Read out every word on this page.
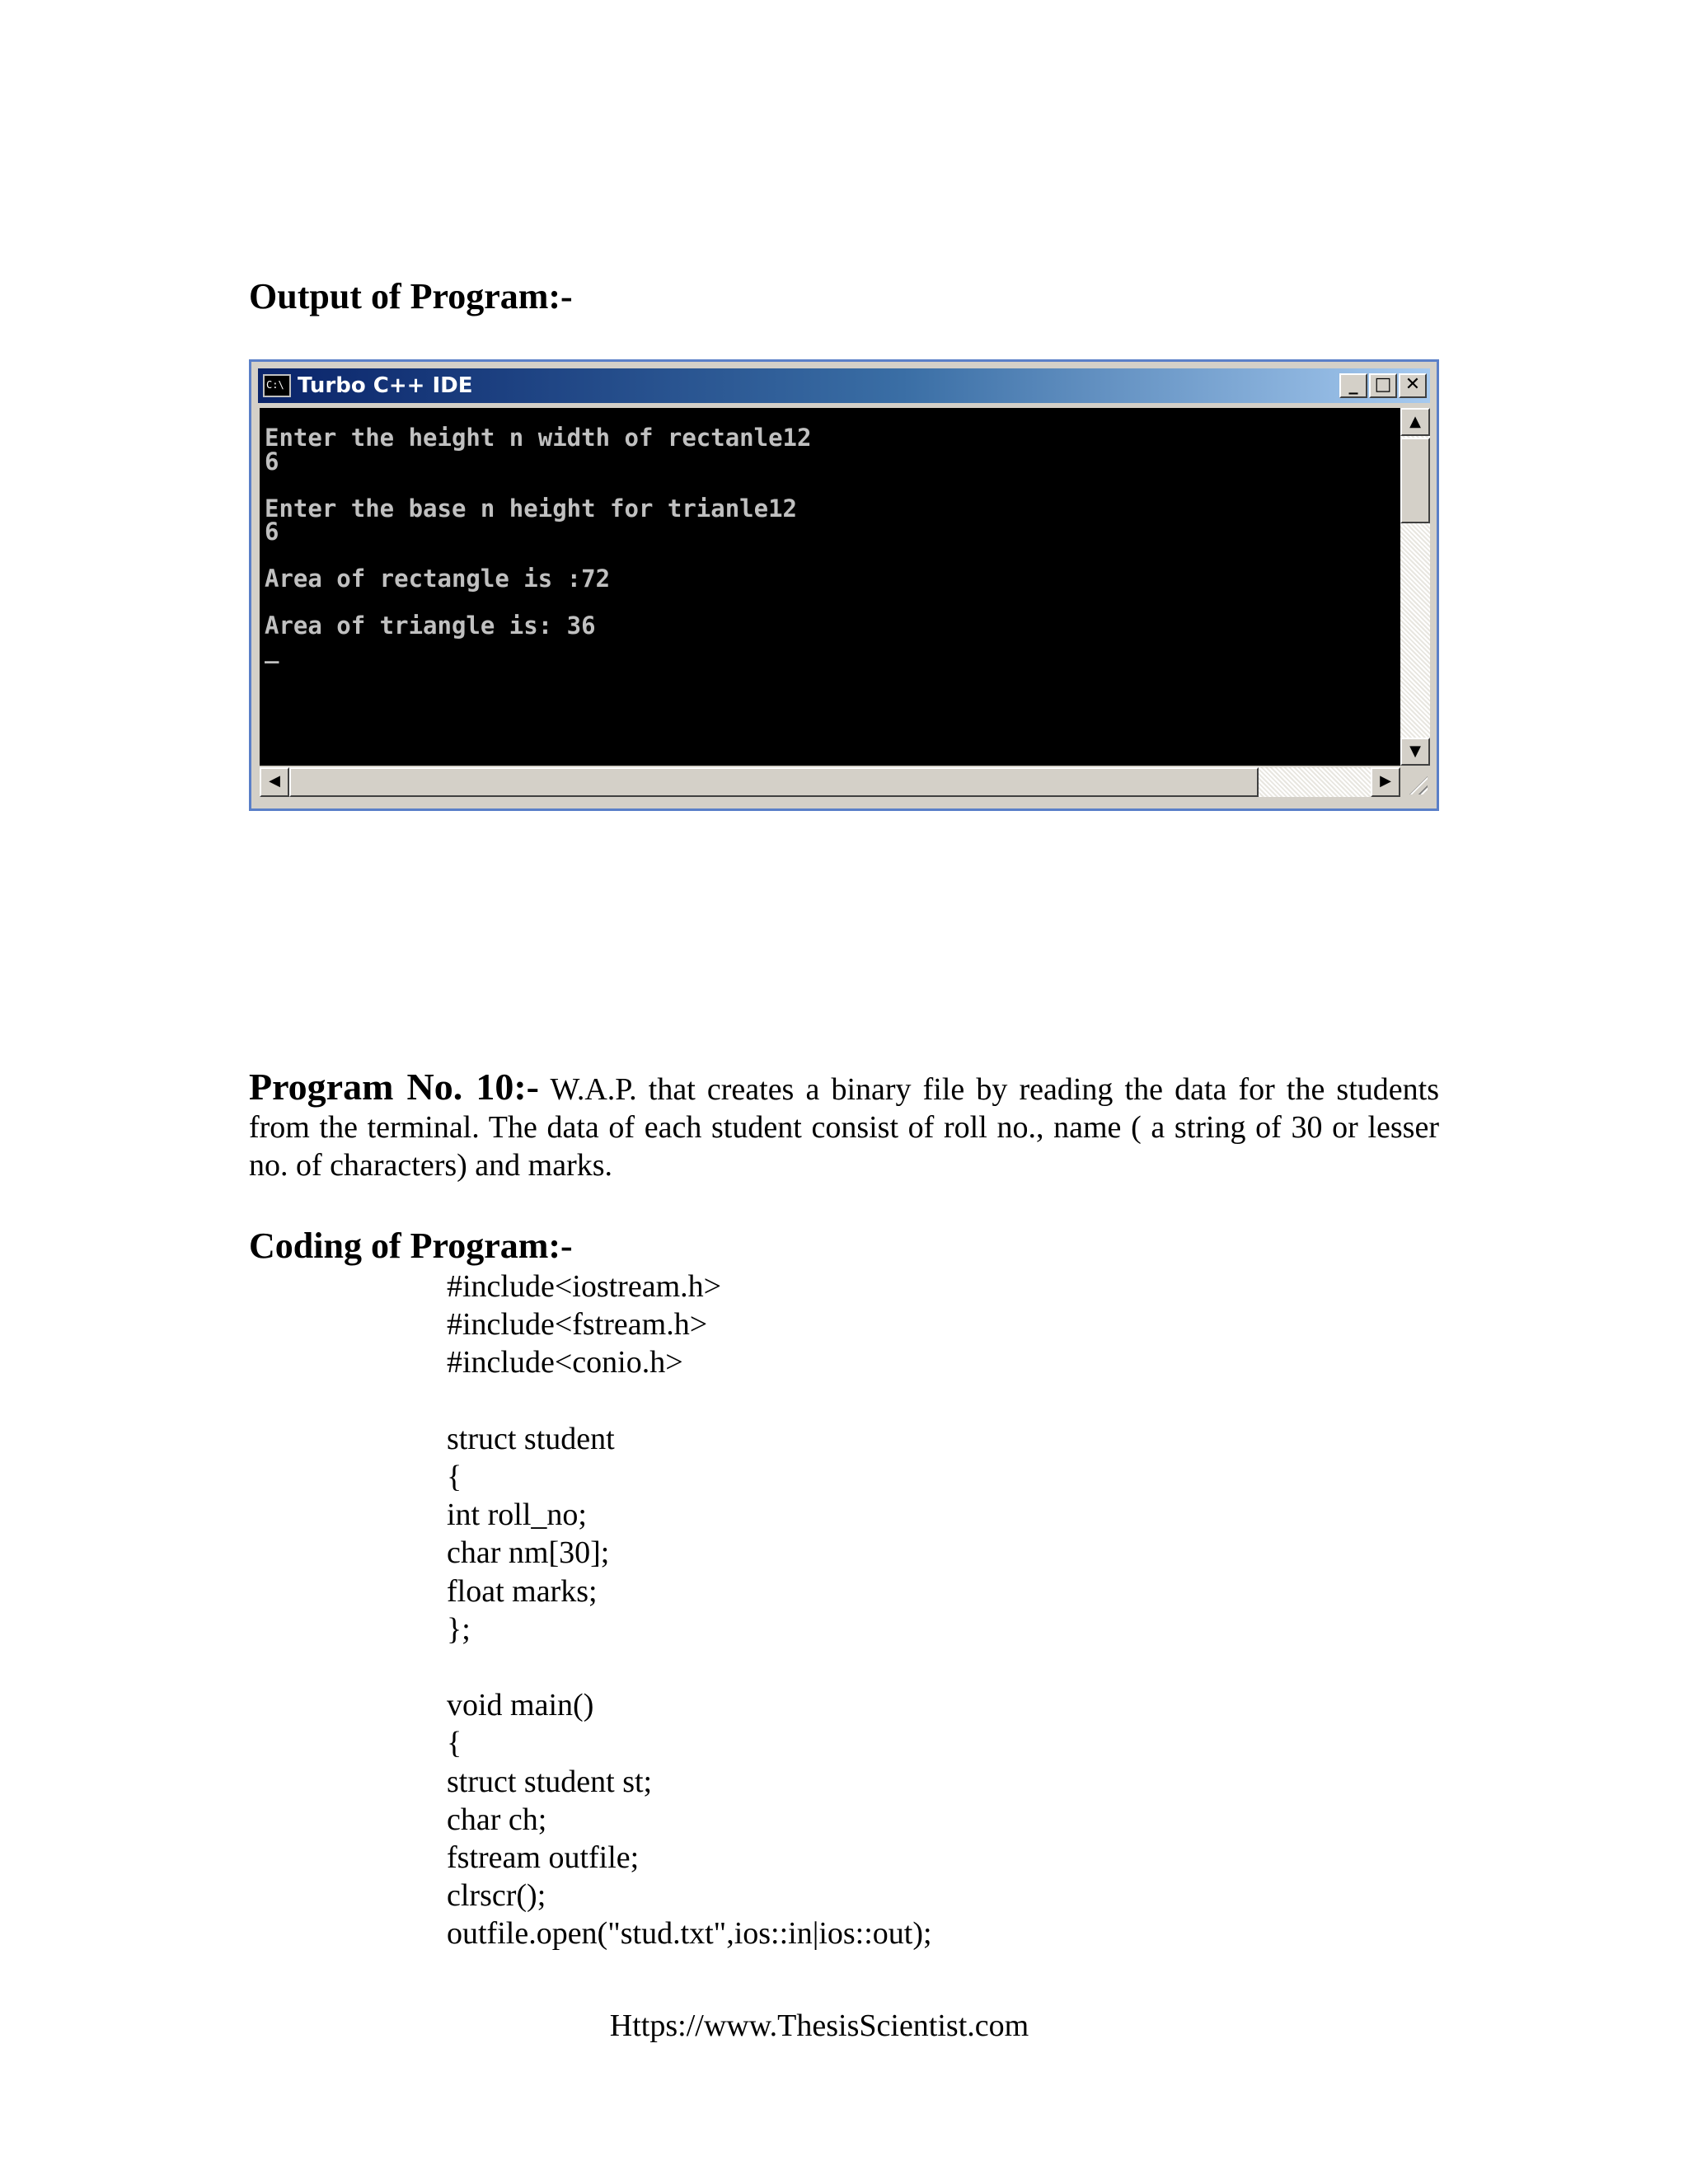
Output of Program:-
C:\ Turbo C++ IDE	_ □ ✕
Enter the height n width of rectanle12
6

Enter the base n height for trianle12
6

Area of rectangle is :72

Area of triangle is: 36
_
▲
▼
◀	▶

Program No. 10:- W.A.P. that creates a binary file by reading the data for the students from the terminal. The data of each student consist of roll no., name ( a string of 30 or lesser no. of characters) and marks.

Coding of Program:-
#include<iostream.h>
#include<fstream.h>
#include<conio.h>

struct student
{
int roll_no;
char nm[30];
float marks;
};

void main()
{
struct student st;
char ch;
fstream outfile;
clrscr();
outfile.open("stud.txt",ios::in|ios::out);

Https://www.ThesisScientist.com
